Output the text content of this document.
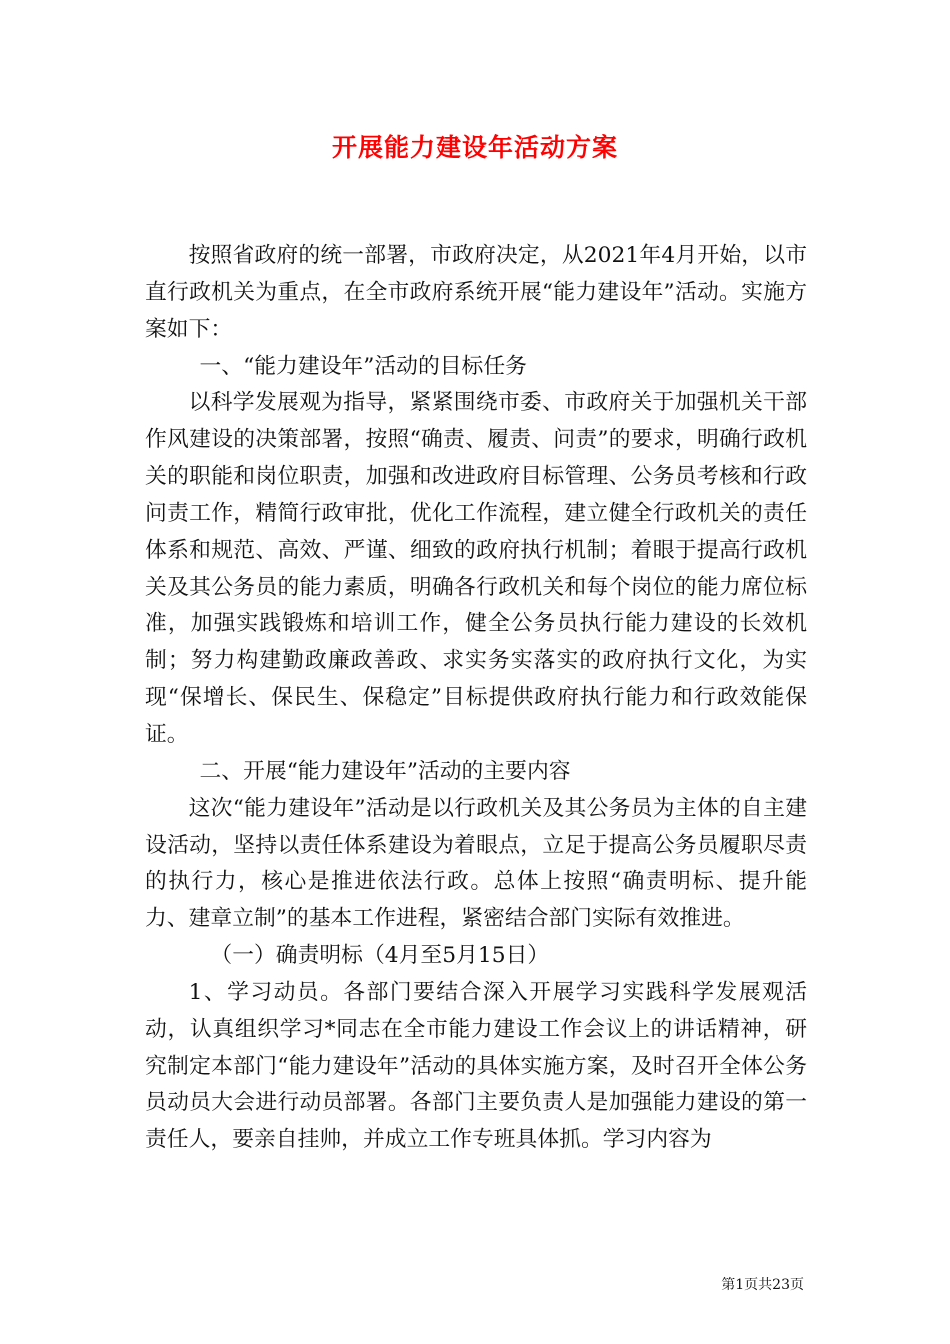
开展能力建设年活动方案

按照省政府的统一部署，市政府决定，从2021年4月开始，以市直行政机关为重点，在全市政府系统开展“能力建设年”活动。实施方案如下：

一、“能力建设年”活动的目标任务

以科学发展观为指导，紧紧围绕市委、市政府关于加强机关干部作风建设的决策部署，按照“确责、履责、问责”的要求，明确行政机关的职能和岗位职责，加强和改进政府目标管理、公务员考核和行政问责工作，精简行政审批，优化工作流程，建立健全行政机关的责任体系和规范、高效、严谨、细致的政府执行机制；着眼于提高行政机关及其公务员的能力素质，明确各行政机关和每个岗位的能力席位标准，加强实践锻炼和培训工作，健全公务员执行能力建设的长效机制；努力构建勤政廉政善政、求实务实落实的政府执行文化，为实现“保增长、保民生、保稳定”目标提供政府执行能力和行政效能保证。

二、开展“能力建设年”活动的主要内容

这次“能力建设年”活动是以行政机关及其公务员为主体的自主建设活动，坚持以责任体系建设为着眼点，立足于提高公务员履职尽责的执行力，核心是推进依法行政。总体上按照“确责明标、提升能力、建章立制”的基本工作进程，紧密结合部门实际有效推进。

（一）确责明标（4月至5月15日）

1、学习动员。各部门要结合深入开展学习实践科学发展观活动，认真组织学习*同志在全市能力建设工作会议上的讲话精神，研究制定本部门“能力建设年”活动的具体实施方案，及时召开全体公务员动员大会进行动员部署。各部门主要负责人是加强能力建设的第一责任人，要亲自挂帅，并成立工作专班具体抓。学习内容为

第1页共23页
